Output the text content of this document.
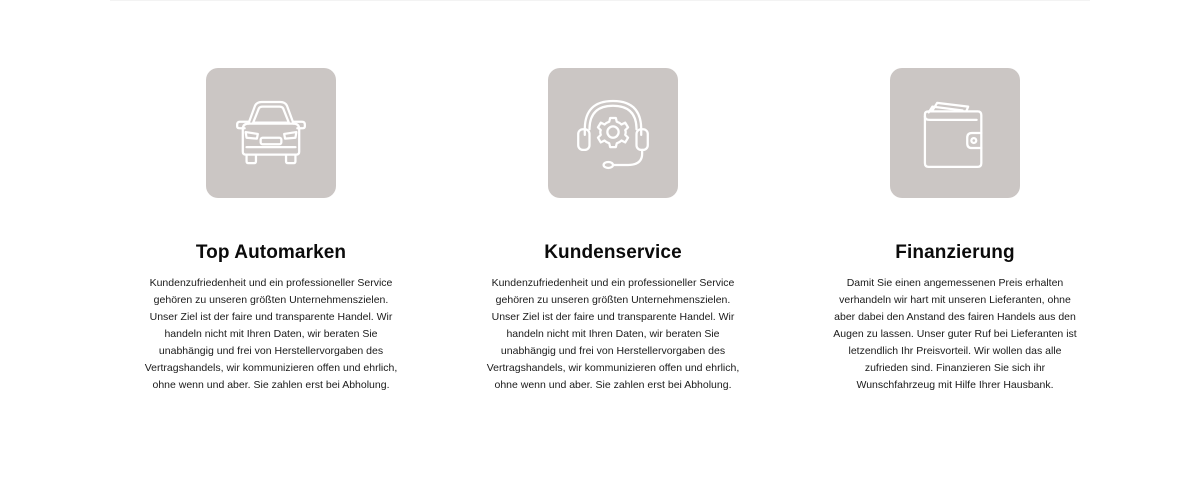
Top Automarken

Kundenzufriedenheit und ein professioneller Service gehören zu unseren größten Unternehmenszielen. Unser Ziel ist der faire und transparente Handel. Wir handeln nicht mit Ihren Daten, wir beraten Sie unabhängig und frei von Herstellervorgaben des Vertragshandels, wir kommunizieren offen und ehrlich, ohne wenn und aber. Sie zahlen erst bei Abholung.

Kundenservice

Kundenzufriedenheit und ein professioneller Service gehören zu unseren größten Unternehmenszielen. Unser Ziel ist der faire und transparente Handel. Wir handeln nicht mit Ihren Daten, wir beraten Sie unabhängig und frei von Herstellervorgaben des Vertragshandels, wir kommunizieren offen und ehrlich, ohne wenn und aber. Sie zahlen erst bei Abholung.

Finanzierung

Damit Sie einen angemessenen Preis erhalten verhandeln wir hart mit unseren Lieferanten, ohne aber dabei den Anstand des fairen Handels aus den Augen zu lassen. Unser guter Ruf bei Lieferanten ist letzendlich Ihr Preisvorteil. Wir wollen das alle zufrieden sind. Finanzieren Sie sich ihr Wunschfahrzeug mit Hilfe Ihrer Hausbank.
